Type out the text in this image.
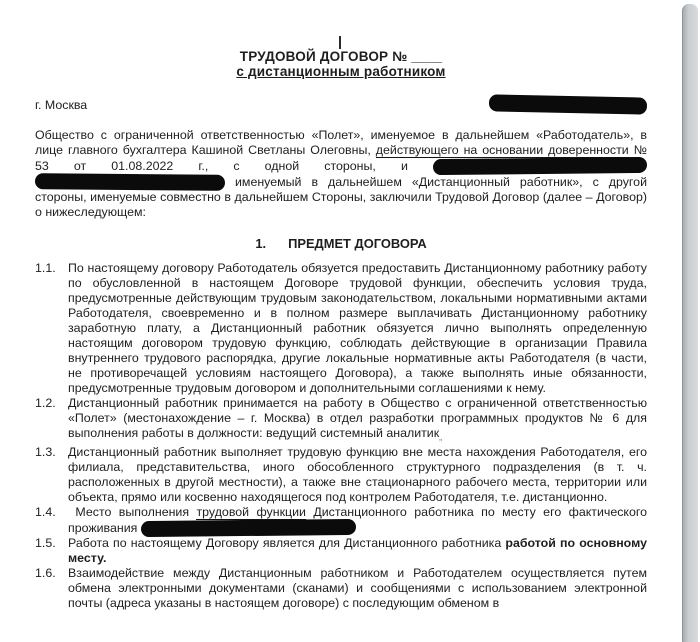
ТРУДОВОЙ ДОГОВОР № ____
с дистанционным работником
г. Москва

Общество с ограниченной ответственностью «Полет», именуемое в дальнейшем «Работодатель», в лице главного бухгалтера Кашиной Светланы Олеговны, действующего на основании доверенности № 53 от 01.08.2022 г., с одной стороны, и   именуемый в дальнейшем «Дистанционный работник», с другой стороны, именуемые совместно в дальнейшем Стороны, заключили Трудовой Договор (далее – Договор) о нижеследующем:

1. ПРЕДМЕТ ДОГОВОРА
1.1. По настоящему договору Работодатель обязуется предоставить Дистанционному работнику работу по обусловленной в настоящем Договоре трудовой функции, обеспечить условия труда, предусмотренные действующим трудовым законодательством, локальными нормативными актами Работодателя, своевременно и в полном размере выплачивать Дистанционному работнику заработную плату, а Дистанционный работник обязуется лично выполнять определенную настоящим договором трудовую функцию, соблюдать действующие в организации Правила внутреннего трудового распорядка, другие локальные нормативные акты Работодателя (в части, не противоречащей условиям настоящего Договора), а также выполнять иные обязанности, предусмотренные трудовым договором и дополнительными соглашениями к нему.
1.2. Дистанционный работник принимается на работу в Общество с ограниченной ответственностью «Полет» (местонахождение – г. Москва) в отдел разработки программных продуктов № 6 для выполнения работы в должности: ведущий системный аналитик$_„$
1.3. Дистанционный работник выполняет трудовую функцию вне места нахождения Работодателя, его филиала, представительства, иного обособленного структурного подразделения (в т. ч. расположенных в другой местности), а также вне стационарного рабочего места, территории или объекта, прямо или косвенно находящегося под контролем Работодателя, т.е. дистанционно.
1.4. Место выполнения трудовой функции Дистанционного работника по месту его фактического проживания
1.5. Работа по настоящему Договору является для Дистанционного работника работой по основному месту.
1.6. Взаимодействие между Дистанционным работником и Работодателем осуществляется путем обмена электронными документами (сканами) и сообщениями с использованием электронной почты (адреса указаны в настоящем договоре) с последующим обменом в
